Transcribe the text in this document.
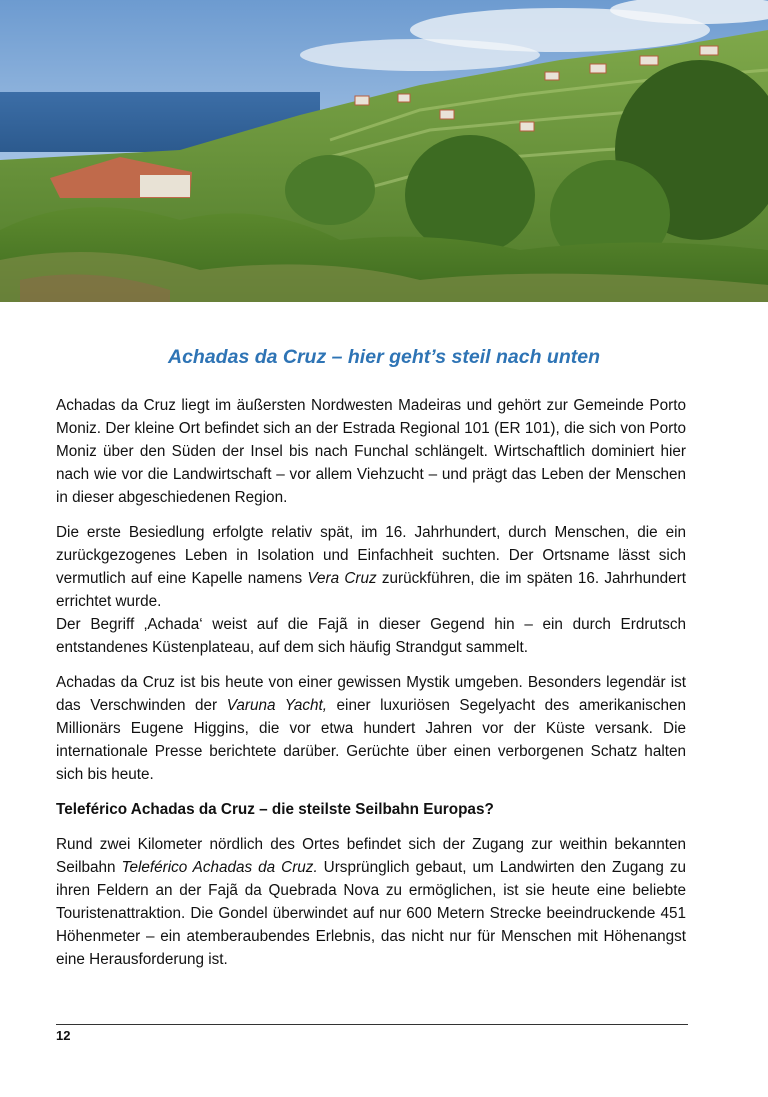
Achadas da Cruz – hier geht’s steil nach unten

Achadas da Cruz liegt im äußersten Nordwesten Madeiras und gehört zur Gemeinde Porto Moniz. Der kleine Ort befindet sich an der Estrada Regional 101 (ER 101), die sich von Porto Moniz über den Süden der Insel bis nach Funchal schlängelt. Wirtschaftlich dominiert hier nach wie vor die Landwirtschaft – vor allem Viehzucht – und prägt das Leben der Menschen in dieser abgeschiedenen Region.

Die erste Besiedlung erfolgte relativ spät, im 16. Jahrhundert, durch Menschen, die ein zurückgezogenes Leben in Isolation und Einfachheit suchten. Der Ortsname lässt sich vermutlich auf eine Kapelle namens Vera Cruz zurückführen, die im späten 16. Jahrhundert errichtet wurde.

Der Begriff ‚Achada‘ weist auf die Fajã in dieser Gegend hin – ein durch Erdrutsch entstandenes Küstenplateau, auf dem sich häufig Strandgut sammelt.

Achadas da Cruz ist bis heute von einer gewissen Mystik umgeben. Besonders legendär ist das Verschwinden der Varuna Yacht, einer luxuriösen Segelyacht des amerikanischen Millionärs Eugene Higgins, die vor etwa hundert Jahren vor der Küste versank. Die internationale Presse berichtete darüber. Gerüchte über einen verborgenen Schatz halten sich bis heute.

Teleférico Achadas da Cruz – die steilste Seilbahn Europas?

Rund zwei Kilometer nördlich des Ortes befindet sich der Zugang zur weithin bekannten Seilbahn Teleférico Achadas da Cruz. Ursprünglich gebaut, um Landwirten den Zugang zu ihren Feldern an der Fajã da Quebrada Nova zu ermöglichen, ist sie heute eine beliebte Touristenattraktion. Die Gondel überwindet auf nur 600 Metern Strecke beeindruckende 451 Höhenmeter – ein atemberaubendes Erlebnis, das nicht nur für Menschen mit Höhenangst eine Herausforderung ist.

12
